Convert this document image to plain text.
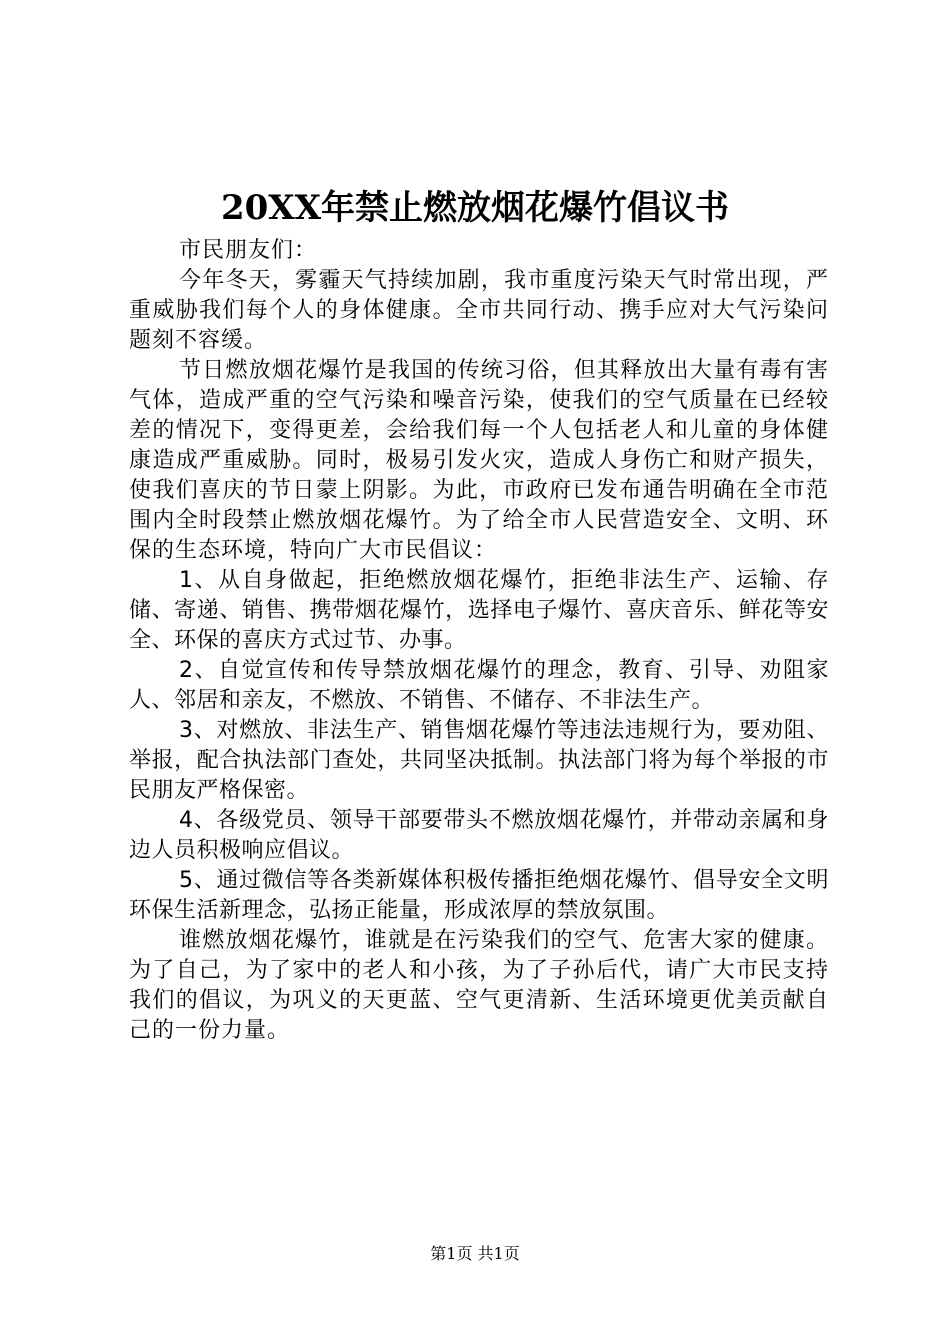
20XX年禁止燃放烟花爆竹倡议书

市民朋友们：

今年冬天，雾霾天气持续加剧，我市重度污染天气时常出现，严重威胁我们每个人的身体健康。全市共同行动、携手应对大气污染问题刻不容缓。

节日燃放烟花爆竹是我国的传统习俗，但其释放出大量有毒有害气体，造成严重的空气污染和噪音污染，使我们的空气质量在已经较差的情况下，变得更差，会给我们每一个人包括老人和儿童的身体健康造成严重威胁。同时，极易引发火灾，造成人身伤亡和财产损失，使我们喜庆的节日蒙上阴影。为此，市政府已发布通告明确在全市范围内全时段禁止燃放烟花爆竹。为了给全市人民营造安全、文明、环保的生态环境，特向广大市民倡议：

1、从自身做起，拒绝燃放烟花爆竹，拒绝非法生产、运输、存储、寄递、销售、携带烟花爆竹，选择电子爆竹、喜庆音乐、鲜花等安全、环保的喜庆方式过节、办事。

2、自觉宣传和传导禁放烟花爆竹的理念，教育、引导、劝阻家人、邻居和亲友，不燃放、不销售、不储存、不非法生产。

3、对燃放、非法生产、销售烟花爆竹等违法违规行为，要劝阻、举报，配合执法部门查处，共同坚决抵制。执法部门将为每个举报的市民朋友严格保密。

4、各级党员、领导干部要带头不燃放烟花爆竹，并带动亲属和身边人员积极响应倡议。

5、通过微信等各类新媒体积极传播拒绝烟花爆竹、倡导安全文明环保生活新理念，弘扬正能量，形成浓厚的禁放氛围。

谁燃放烟花爆竹，谁就是在污染我们的空气、危害大家的健康。为了自己，为了家中的老人和小孩，为了子孙后代，请广大市民支持我们的倡议，为巩义的天更蓝、空气更清新、生活环境更优美贡献自己的一份力量。

第1页 共1页
